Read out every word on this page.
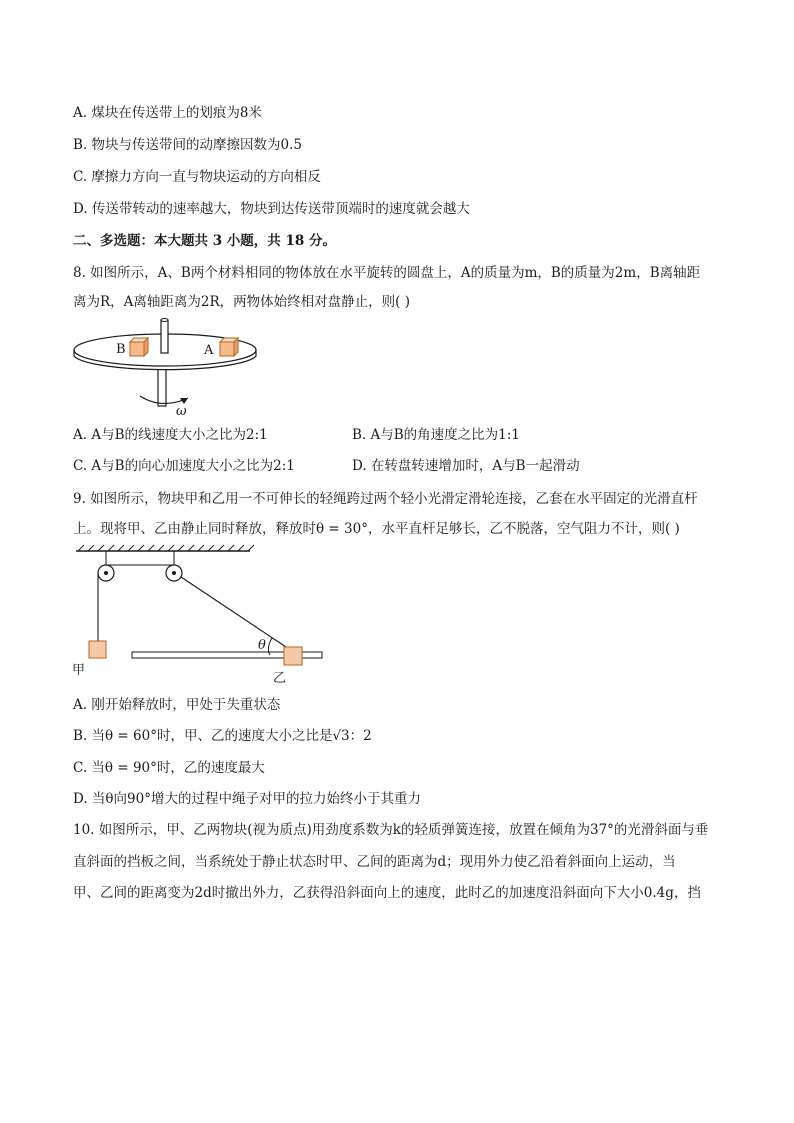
A. 煤块在传送带上的划痕为8米
B. 物块与传送带间的动摩擦因数为0.5
C. 摩擦力方向一直与物块运动的方向相反
D. 传送带转动的速率越大，物块到达传送带顶端时的速度就会越大
二、多选题：本大题共 3 小题，共 18 分。
8. 如图所示，A、B两个材料相同的物体放在水平旋转的圆盘上，A的质量为m，B的质量为2m，B离轴距
离为R，A离轴距离为2R，两物体始终相对盘静止，则( )
B	A
ω
A. A与B的线速度大小之比为2:1	B. A与B的角速度之比为1:1
C. A与B的向心加速度大小之比为2:1	D. 在转盘转速增加时，A与B一起滑动
9. 如图所示，物块甲和乙用一不可伸长的轻绳跨过两个轻小光滑定滑轮连接，乙套在水平固定的光滑直杆
上。现将甲、乙由静止同时释放，释放时θ = 30°，水平直杆足够长，乙不脱落，空气阻力不计，则( )
甲
θ
乙
A. 刚开始释放时，甲处于失重状态
B. 当θ = 60°时，甲、乙的速度大小之比是√3：2
C. 当θ = 90°时，乙的速度最大
D. 当θ向90°增大的过程中绳子对甲的拉力始终小于其重力
10. 如图所示，甲、乙两物块(视为质点)用劲度系数为k的轻质弹簧连接，放置在倾角为37°的光滑斜面与垂
直斜面的挡板之间，当系统处于静止状态时甲、乙间的距离为d；现用外力使乙沿着斜面向上运动，当
甲、乙间的距离变为2d时撤出外力，乙获得沿斜面向上的速度，此时乙的加速度沿斜面向下大小0.4g，挡
